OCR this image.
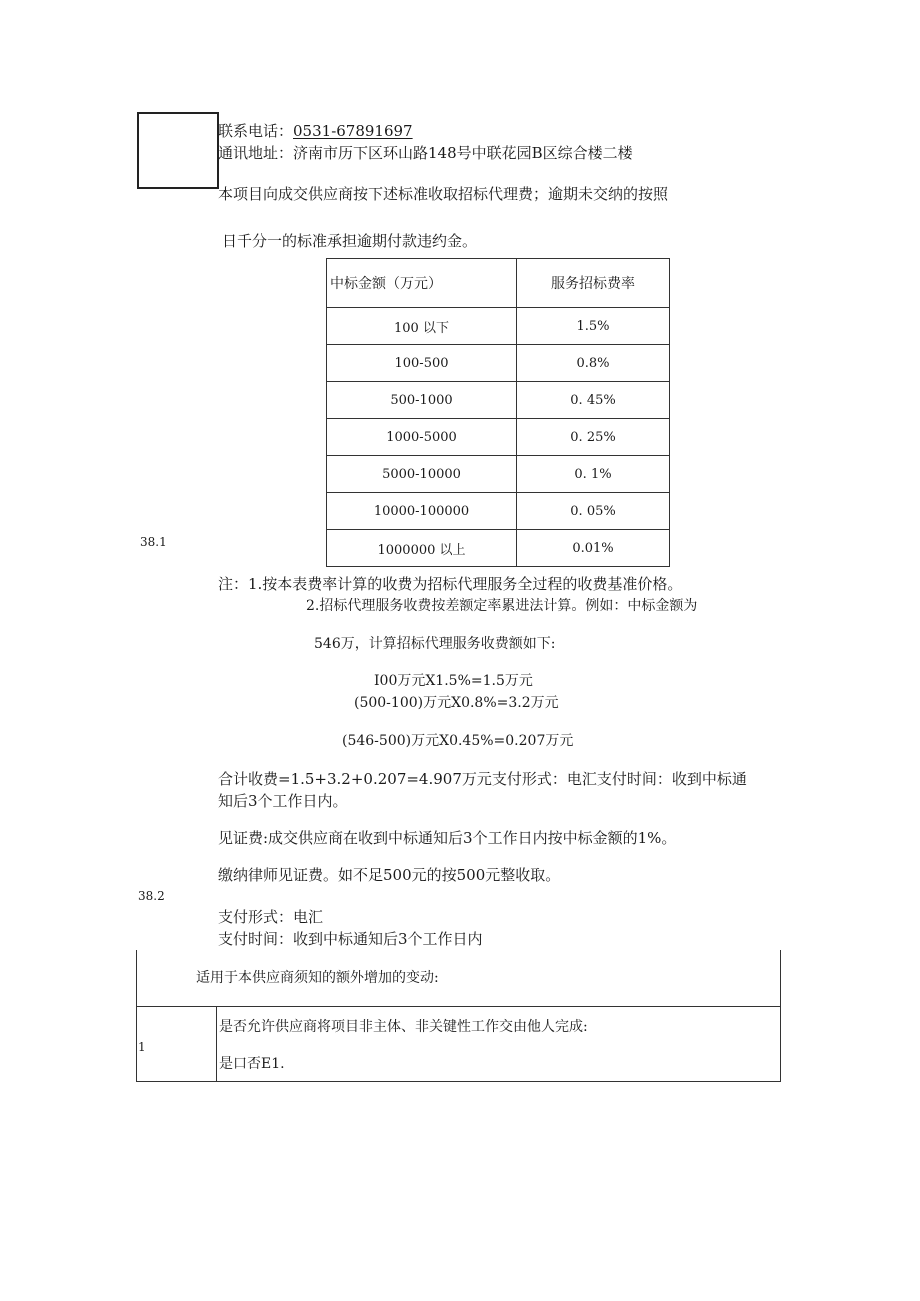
联系电话：0531-67891697
通讯地址：济南市历下区环山路148号中联花园B区综合楼二楼
本项目向成交供应商按下述标准收取招标代理费；逾期未交纳的按照
日千分一的标准承担逾期付款违约金。
中标金额（万元）	服务招标费率
100 以下	1.5%
100-500	0.8%
500-1000	0. 45%
1000-5000	0. 25%
5000-10000	0. 1%
10000-100000	0. 05%
1000000 以上	0.01%
38.1
注：1.按本表费率计算的收费为招标代理服务全过程的收费基准价格。
2.招标代理服务收费按差额定率累进法计算。例如：中标金额为
546万，计算招标代理服务收费额如下:
I00万元X1.5%=1.5万元
(500-100)万元X0.8%=3.2万元
(546-500)万元X0.45%=0.207万元
合计收费=1.5+3.2+0.207=4.907万元支付形式：电汇支付时间：收到中标通
知后3个工作日内。
见证费:成交供应商在收到中标通知后3个工作日内按中标金额的1%。
缴纳律师见证费。如不足500元的按500元整收取。
38.2
支付形式：电汇
支付时间：收到中标通知后3个工作日内
适用于本供应商须知的额外增加的变动:
1
是否允许供应商将项目非主体、非关键性工作交由他人完成:
是口否E1.
